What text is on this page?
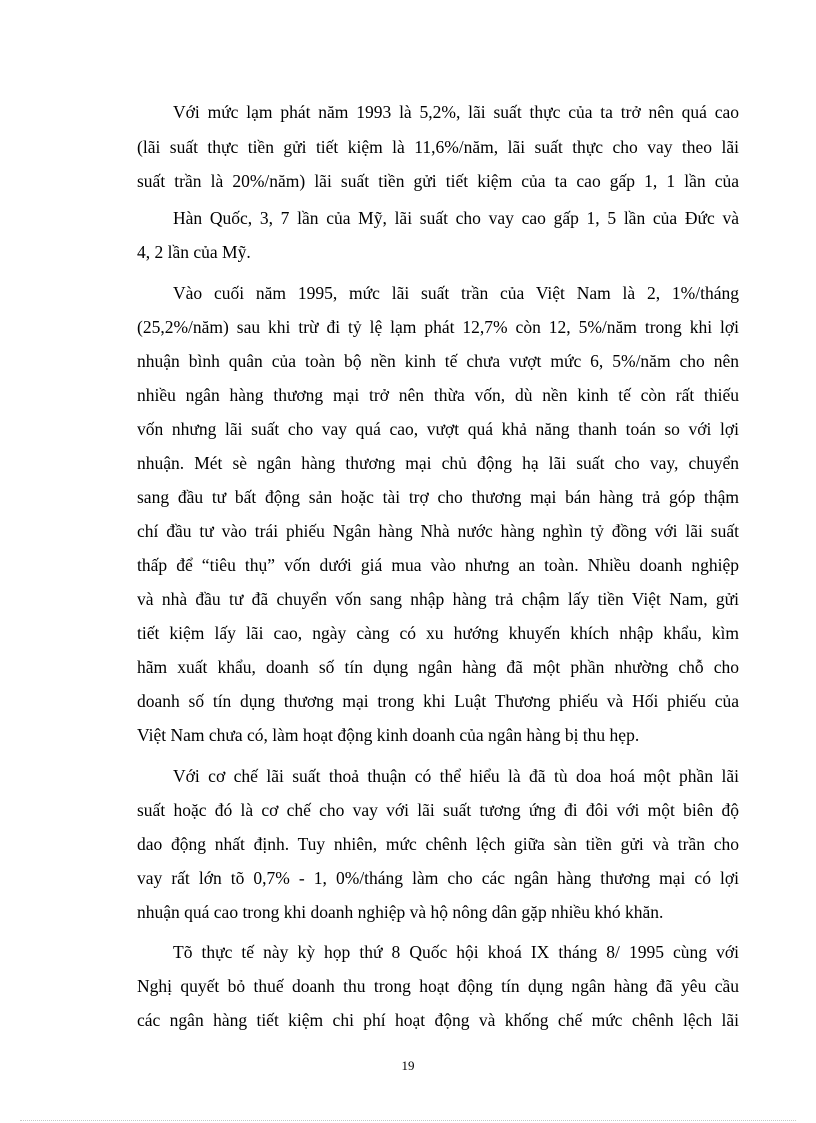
Với mức lạm phát năm 1993 là 5,2%, lãi suất thực của ta trở nên quá cao
(lãi suất thực tiền gửi tiết kiệm là 11,6%/năm, lãi suất thực cho vay theo lãi
suất trần là 20%/năm) lãi suất tiền gửi tiết kiệm của ta cao gấp 1, 1 lần của
Hàn Quốc, 3, 7 lần của Mỹ, lãi suất cho vay cao gấp 1, 5 lần của Đức và
4, 2 lần của Mỹ.
Vào cuối năm 1995, mức lãi suất trần của Việt Nam là 2, 1%/tháng
(25,2%/năm) sau khi trừ đi tỷ lệ lạm phát 12,7% còn 12, 5%/năm trong khi lợi
nhuận bình quân của toàn bộ nền kinh tế chưa vượt mức 6, 5%/năm cho nên
nhiều ngân hàng thương mại trở nên thừa vốn, dù nền kinh tế còn rất thiếu
vốn nhưng lãi suất cho vay quá cao, vượt quá khả năng thanh toán so với lợi
nhuận. Mét sè ngân hàng thương mại chủ động hạ lãi suất cho vay, chuyển
sang đầu tư bất động sản hoặc tài trợ cho thương mại bán hàng trả góp thậm
chí đầu tư vào trái phiếu Ngân hàng Nhà nước hàng nghìn tỷ đồng với lãi suất
thấp để “tiêu thụ” vốn dưới giá mua vào nhưng an toàn. Nhiều doanh nghiệp
và nhà đầu tư đã chuyển vốn sang nhập hàng trả chậm lấy tiền Việt Nam, gửi
tiết kiệm lấy lãi cao, ngày càng có xu hướng khuyến khích nhập khẩu, kìm
hãm xuất khẩu, doanh số tín dụng ngân hàng đã một phần nhường chỗ cho
doanh số tín dụng thương mại trong khi Luật Thương phiếu và Hối phiếu của
Việt Nam chưa có, làm hoạt động kinh doanh của ngân hàng bị thu hẹp.
Với cơ chế lãi suất thoả thuận có thể hiểu là đã tù doa hoá một phần lãi
suất hoặc đó là cơ chế cho vay với lãi suất tương ứng đi đôi với một biên độ
dao động nhất định. Tuy nhiên, mức chênh lệch giữa sàn tiền gửi và trần cho
vay rất lớn tõ 0,7% - 1, 0%/tháng làm cho các ngân hàng thương mại có lợi
nhuận quá cao trong khi doanh nghiệp và hộ nông dân gặp nhiều khó khăn.
Tõ thực tế này kỳ họp thứ 8 Quốc hội khoá IX tháng 8/ 1995 cùng với
Nghị quyết bỏ thuế doanh thu trong hoạt động tín dụng ngân hàng đã yêu cầu
các ngân hàng tiết kiệm chi phí hoạt động và khống chế mức chênh lệch lãi
19
